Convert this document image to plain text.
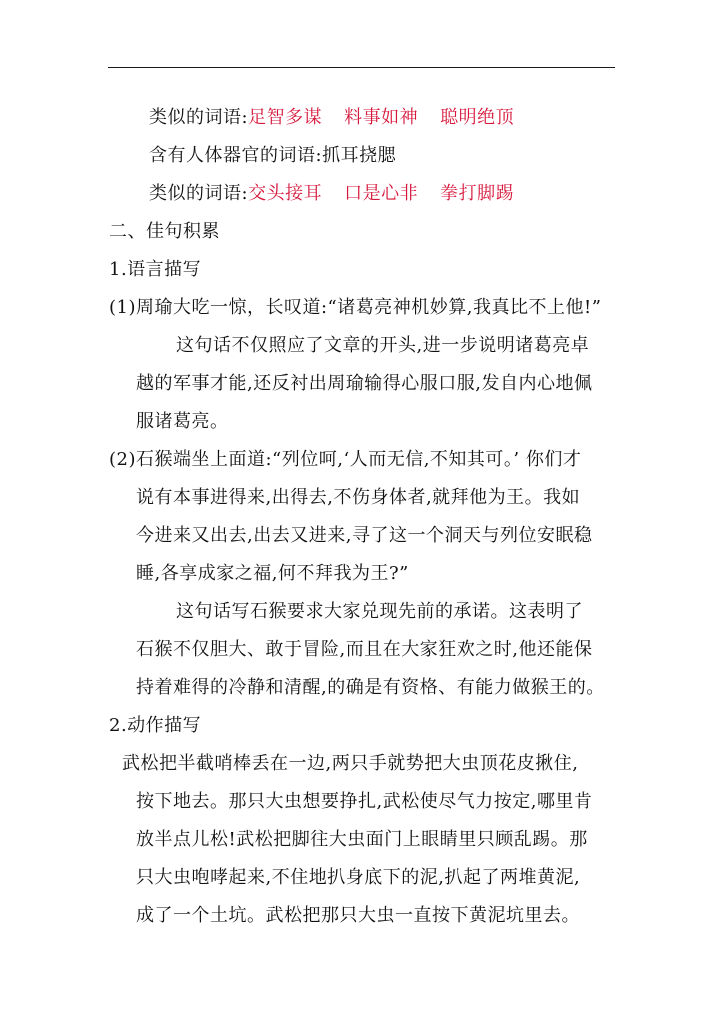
类似的词语:足智多谋 料事如神 聪明绝顶
含有人体器官的词语:抓耳挠腮
类似的词语:交头接耳 口是心非 拳打脚踢
二、佳句积累
1.语言描写
(1)周瑜大吃一惊，长叹道:“诸葛亮神机妙算,我真比不上他!”
这句话不仅照应了文章的开头,进一步说明诸葛亮卓
越的军事才能,还反衬出周瑜输得心服口服,发自内心地佩
服诸葛亮。
(2)石猴端坐上面道:“列位呵,‘人而无信,不知其可。’ 你们才
说有本事进得来,出得去,不伤身体者,就拜他为王。我如
今进来又出去,出去又进来,寻了这一个洞天与列位安眠稳
睡,各享成家之福,何不拜我为王?”
这句话写石猴要求大家兑现先前的承诺。这表明了
石猴不仅胆大、敢于冒险,而且在大家狂欢之时,他还能保
持着难得的冷静和清醒,的确是有资格、有能力做猴王的。
2.动作描写
武松把半截哨棒丢在一边,两只手就势把大虫顶花皮揪住,
按下地去。那只大虫想要挣扎,武松使尽气力按定,哪里肯
放半点儿松!武松把脚往大虫面门上眼睛里只顾乱踢。那
只大虫咆哮起来,不住地扒身底下的泥,扒起了两堆黄泥,
成了一个土坑。武松把那只大虫一直按下黄泥坑里去。
